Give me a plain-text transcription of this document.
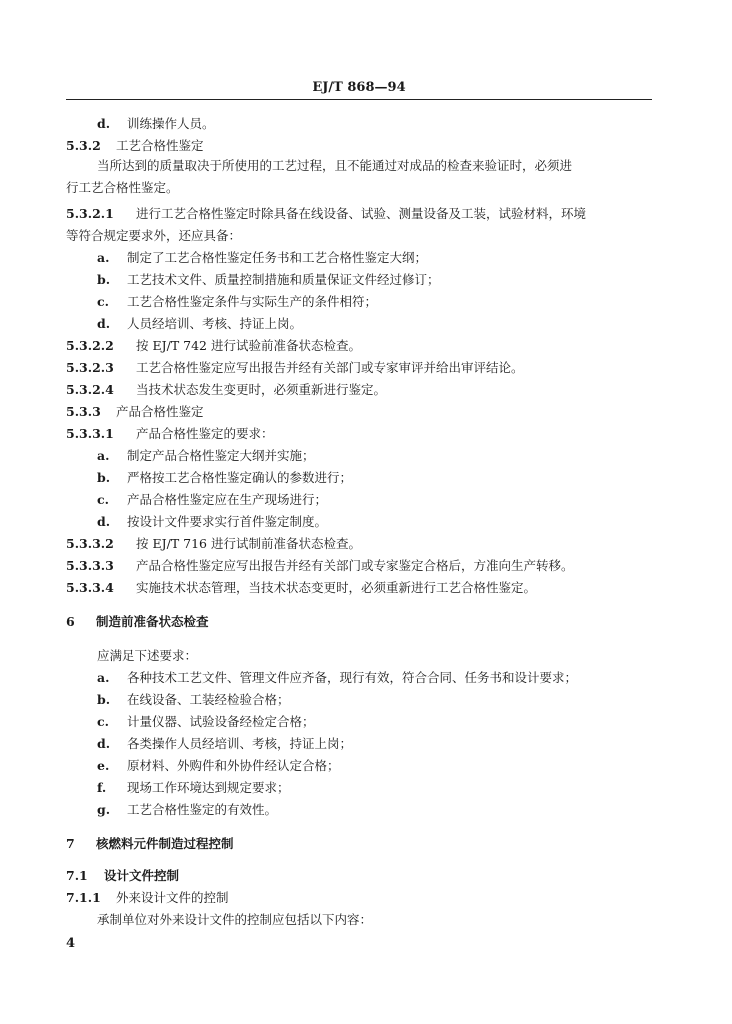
EJ/T 868—94
d. 训练操作人员。
5.3.2 工艺合格性鉴定
当所达到的质量取决于所使用的工艺过程，且不能通过对成品的检查来验证时，必须进
行工艺合格性鉴定。
5.3.2.1 进行工艺合格性鉴定时除具备在线设备、试验、测量设备及工装，试验材料，环境
等符合规定要求外，还应具备：
a. 制定了工艺合格性鉴定任务书和工艺合格性鉴定大纲；
b. 工艺技术文件、质量控制措施和质量保证文件经过修订；
c. 工艺合格性鉴定条件与实际生产的条件相符；
d. 人员经培训、考核、持证上岗。
5.3.2.2 按 EJ/T 742 进行试验前准备状态检查。
5.3.2.3 工艺合格性鉴定应写出报告并经有关部门或专家审评并给出审评结论。
5.3.2.4 当技术状态发生变更时，必须重新进行鉴定。
5.3.3 产品合格性鉴定
5.3.3.1 产品合格性鉴定的要求：
a. 制定产品合格性鉴定大纲并实施；
b. 严格按工艺合格性鉴定确认的参数进行；
c. 产品合格性鉴定应在生产现场进行；
d. 按设计文件要求实行首件鉴定制度。
5.3.3.2 按 EJ/T 716 进行试制前准备状态检查。
5.3.3.3 产品合格性鉴定应写出报告并经有关部门或专家鉴定合格后，方准向生产转移。
5.3.3.4 实施技术状态管理，当技术状态变更时，必须重新进行工艺合格性鉴定。
6 制造前准备状态检查
应满足下述要求：
a. 各种技术工艺文件、管理文件应齐备，现行有效，符合合同、任务书和设计要求；
b. 在线设备、工装经检验合格；
c. 计量仪器、试验设备经检定合格；
d. 各类操作人员经培训、考核，持证上岗；
e. 原材料、外购件和外协件经认定合格；
f. 现场工作环境达到规定要求；
g. 工艺合格性鉴定的有效性。
7 核燃料元件制造过程控制
7.1 设计文件控制
7.1.1 外来设计文件的控制
承制单位对外来设计文件的控制应包括以下内容：
4
